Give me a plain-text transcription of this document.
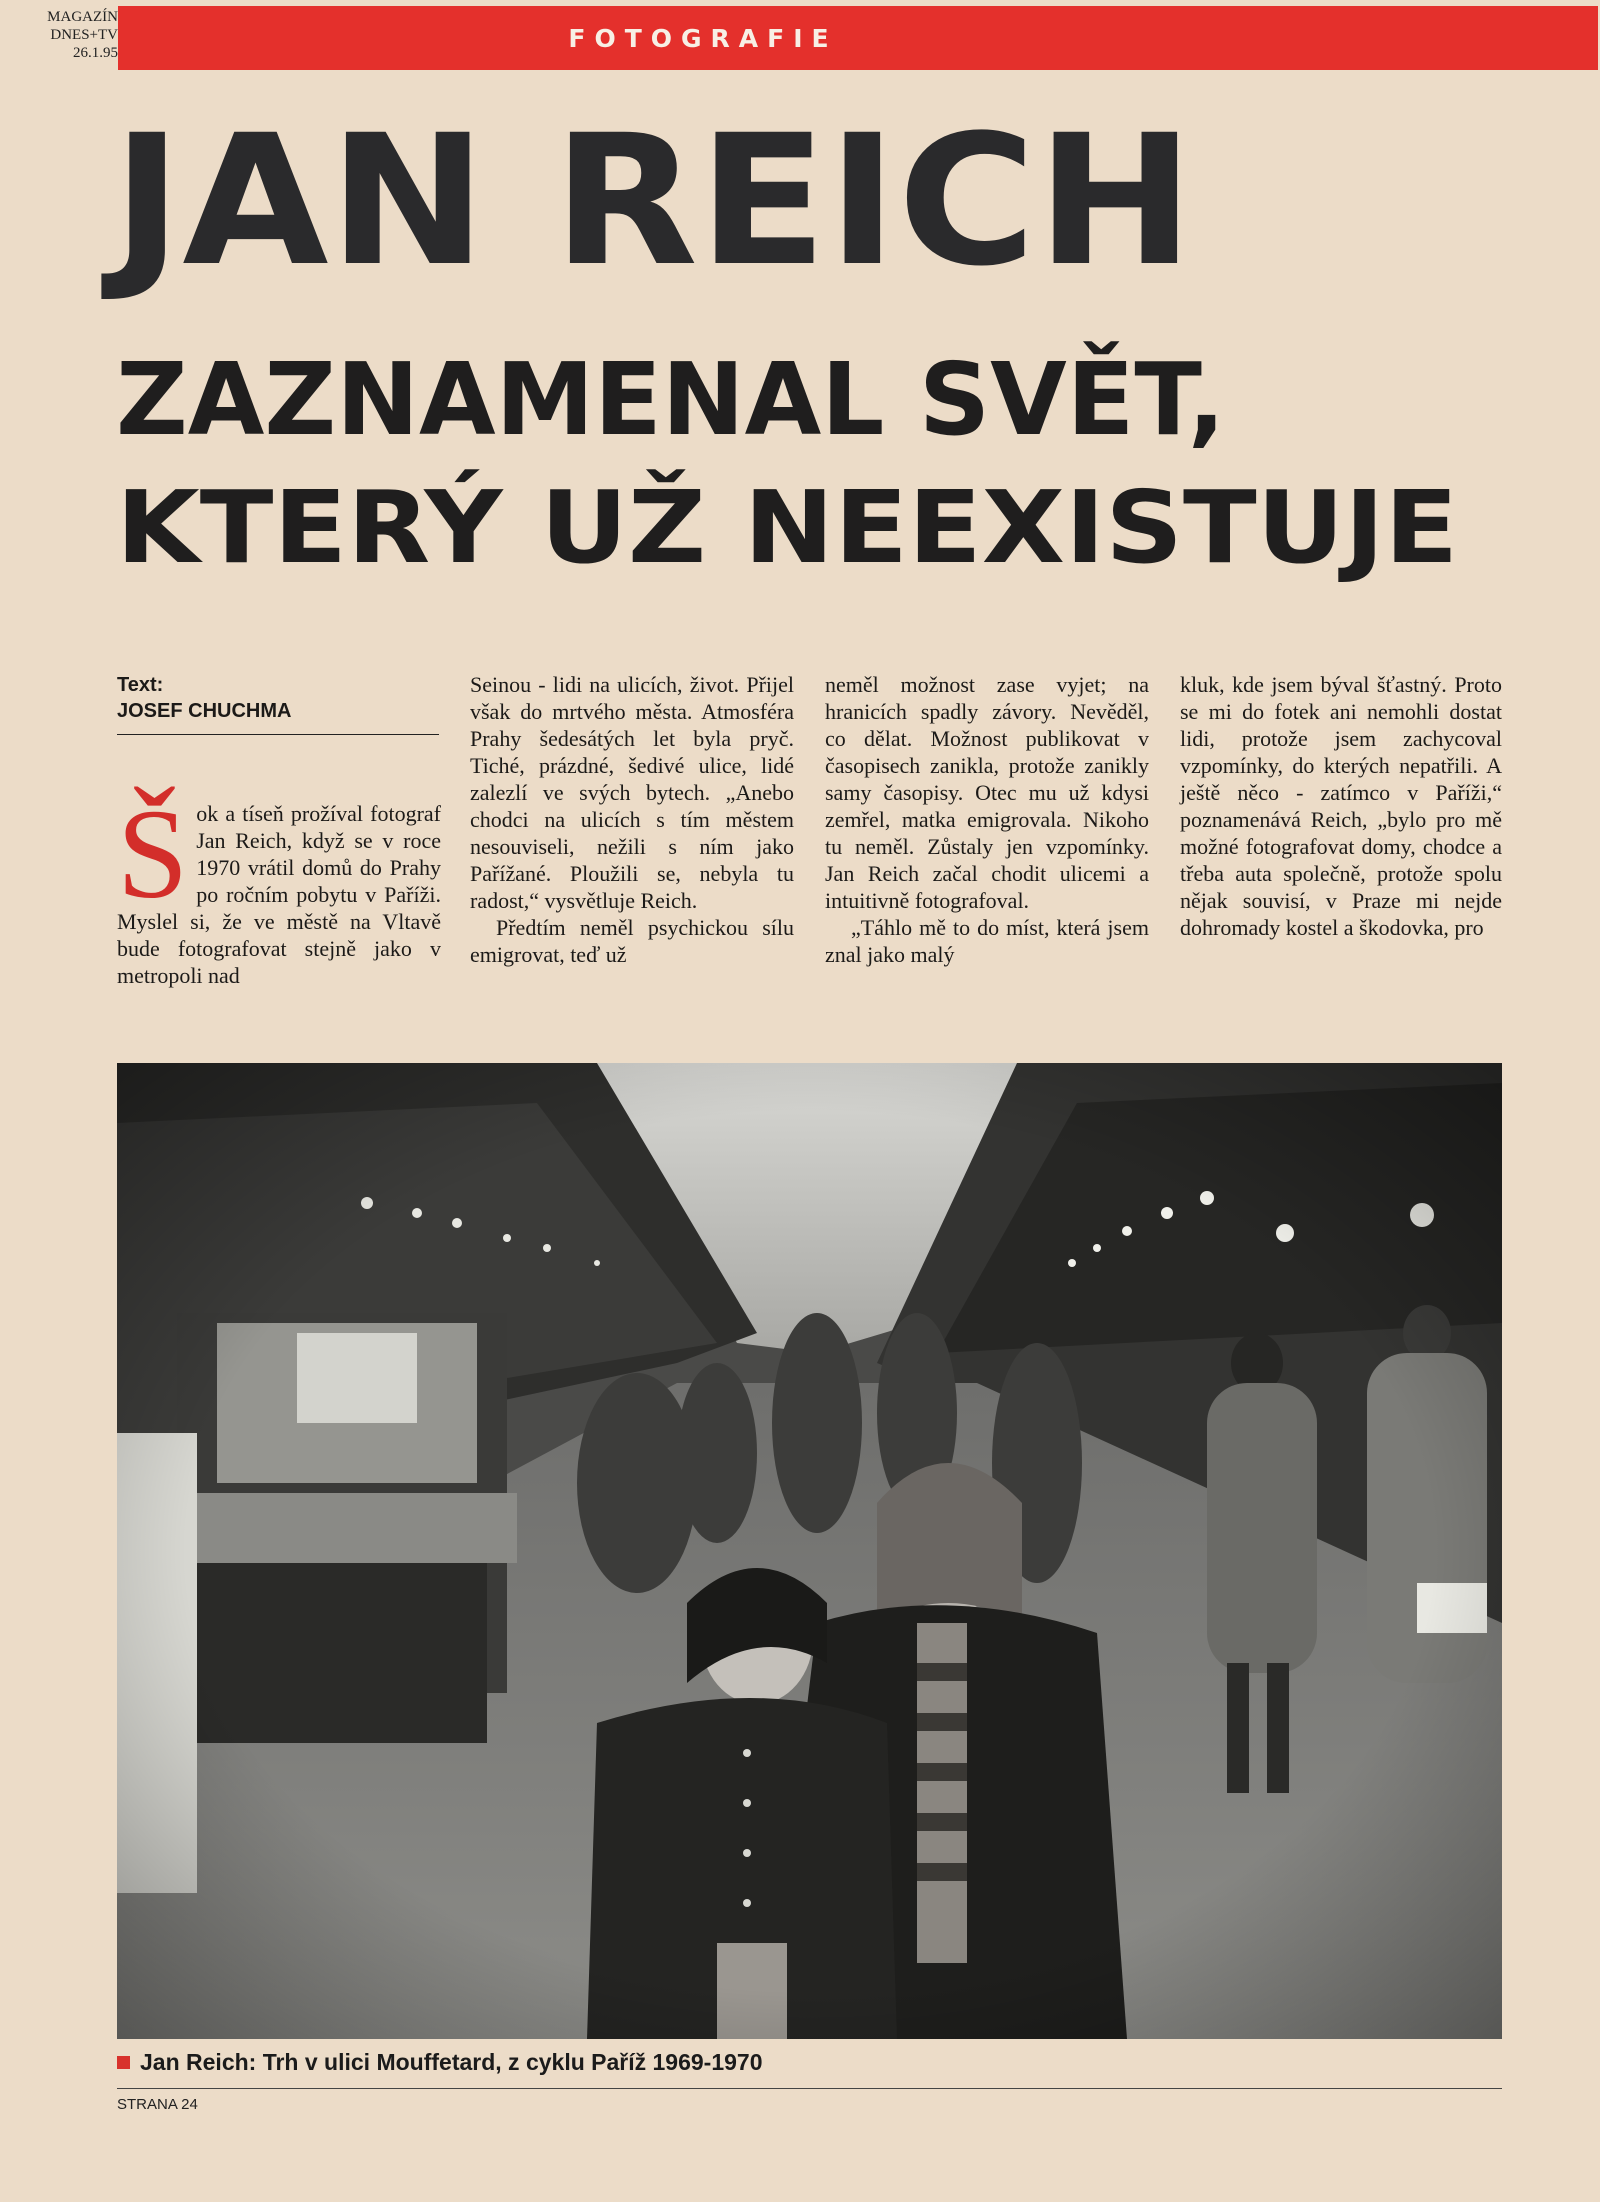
MAGAZÍN
DNES+TV
26.1.95	FOTOGRAFIE
JAN REICH
ZAZNAMENAL SVĚT,
KTERÝ UŽ NEEXISTUJE
Text:
JOSEF CHUCHMA

Š ok a tíseň prožíval fotograf Jan Reich, když se v roce 1970 vrátil domů do Prahy po ročním pobytu v Paříži. Myslel si, že ve městě na Vltavě bude fotografovat stejně jako v metropoli nad

Seinou - lidi na ulicích, život. Přijel však do mrtvého města. Atmosféra Prahy šedesátých let byla pryč. Tiché, prázdné, šedivé ulice, lidé zalezlí ve svých bytech. „Anebo chodci na ulicích s tím městem nesouviseli, nežili s ním jako Pařížané. Ploužili se, nebyla tu radost,“ vysvětluje Reich.

Předtím neměl psychickou sílu emigrovat, teď už

neměl možnost zase vyjet; na hranicích spadly závory. Nevěděl, co dělat. Možnost publikovat v časopisech zanikla, protože zanikly samy časopisy. Otec mu už kdysi zemřel, matka emigrovala. Nikoho tu neměl. Zůstaly jen vzpomínky. Jan Reich začal chodit ulicemi a intuitivně fotografoval.

„Táhlo mě to do míst, která jsem znal jako malý

kluk, kde jsem býval šťastný. Proto se mi do fotek ani nemohli dostat lidi, protože jsem zachycoval vzpomínky, do kterých nepatřili. A ještě něco - zatímco v Paříži,“ poznamenává Reich, „bylo pro mě možné fotografovat domy, chodce a třeba auta společně, protože spolu nějak souvisí, v Praze mi nejde dohromady kostel a škodovka, pro

Jan Reich: Trh v ulici Mouffetard, z cyklu Paříž 1969-1970
STRANA 24
